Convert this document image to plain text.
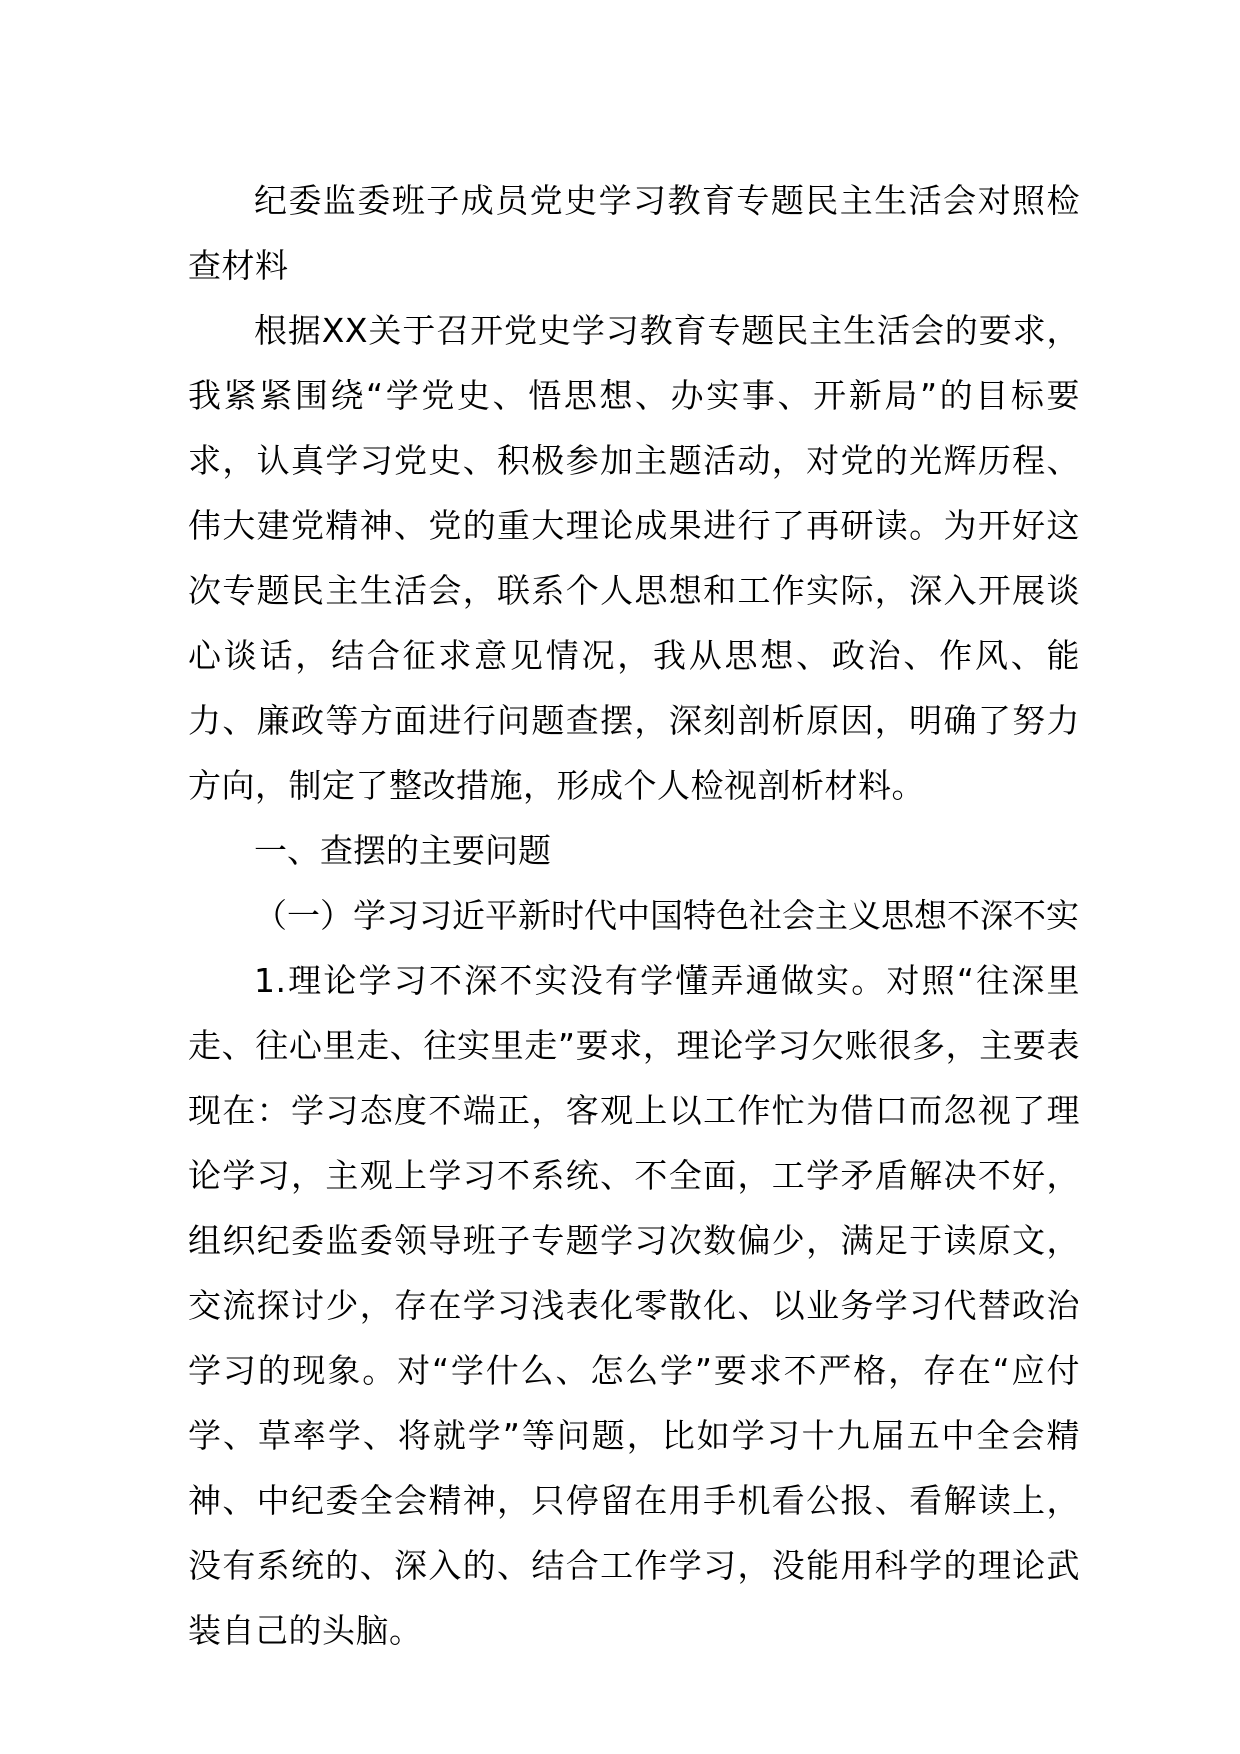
纪委监委班子成员党史学习教育专题民主生活会对照检查材料

根据XX关于召开党史学习教育专题民主生活会的要求，我紧紧围绕“学党史、悟思想、办实事、开新局”的目标要求，认真学习党史、积极参加主题活动，对党的光辉历程、伟大建党精神、党的重大理论成果进行了再研读。为开好这次专题民主生活会，联系个人思想和工作实际，深入开展谈心谈话，结合征求意见情况，我从思想、政治、作风、能力、廉政等方面进行问题查摆，深刻剖析原因，明确了努力方向，制定了整改措施，形成个人检视剖析材料。

一、查摆的主要问题

（一）学习习近平新时代中国特色社会主义思想不深不实

1.理论学习不深不实没有学懂弄通做实。对照“往深里走、往心里走、往实里走”要求，理论学习欠账很多，主要表现在：学习态度不端正，客观上以工作忙为借口而忽视了理论学习，主观上学习不系统、不全面，工学矛盾解决不好，组织纪委监委领导班子专题学习次数偏少，满足于读原文，交流探讨少，存在学习浅表化零散化、以业务学习代替政治学习的现象。对“学什么、怎么学”要求不严格，存在“应付学、草率学、将就学”等问题，比如学习十九届五中全会精神、中纪委全会精神，只停留在用手机看公报、看解读上，没有系统的、深入的、结合工作学习，没能用科学的理论武装自己的头脑。
